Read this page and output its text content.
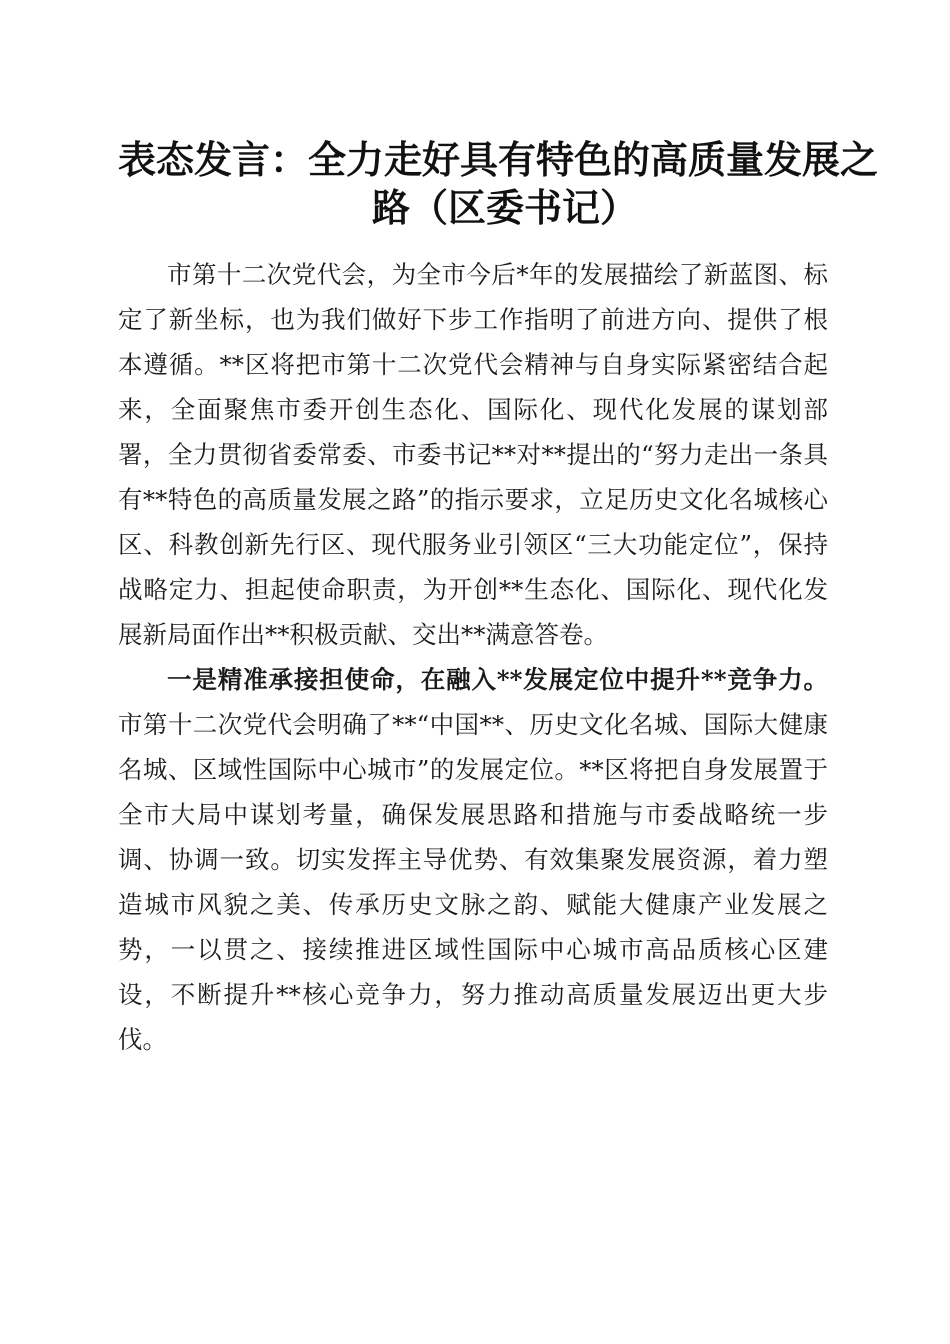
表态发言：全力走好具有特色的高质量发展之
路（区委书记）

市第十二次党代会，为全市今后*年的发展描绘了新蓝图、标定了新坐标，也为我们做好下步工作指明了前进方向、提供了根本遵循。**区将把市第十二次党代会精神与自身实际紧密结合起来，全面聚焦市委开创生态化、国际化、现代化发展的谋划部署，全力贯彻省委常委、市委书记**对**提出的“努力走出一条具有**特色的高质量发展之路”的指示要求，立足历史文化名城核心区、科教创新先行区、现代服务业引领区“三大功能定位”，保持战略定力、担起使命职责，为开创**生态化、国际化、现代化发展新局面作出**积极贡献、交出**满意答卷。

一是精准承接担使命，在融入**发展定位中提升**竞争力。市第十二次党代会明确了**“中国**、历史文化名城、国际大健康名城、区域性国际中心城市”的发展定位。**区将把自身发展置于全市大局中谋划考量，确保发展思路和措施与市委战略统一步调、协调一致。切实发挥主导优势、有效集聚发展资源，着力塑造城市风貌之美、传承历史文脉之韵、赋能大健康产业发展之势，一以贯之、接续推进区域性国际中心城市高品质核心区建设，不断提升**核心竞争力，努力推动高质量发展迈出更大步伐。
